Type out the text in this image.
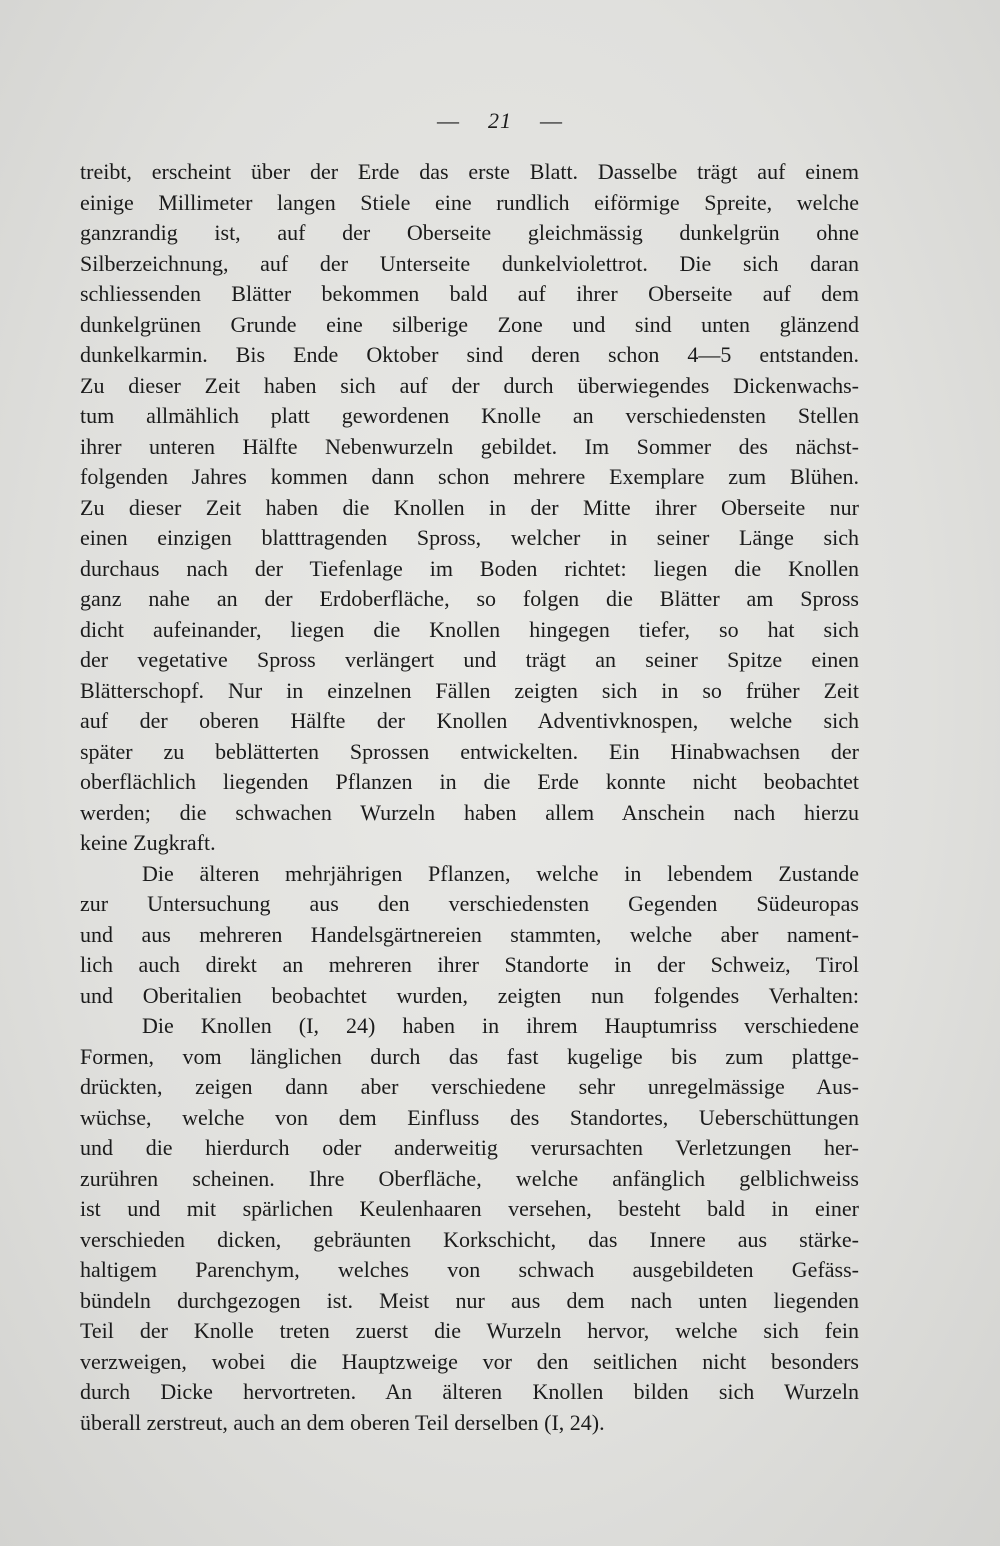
— 21 —
treibt, erscheint über der Erde das erste Blatt. Dasselbe trägt auf einem
einige Millimeter langen Stiele eine rundlich eiförmige Spreite, welche
ganzrandig ist, auf der Oberseite gleichmässig dunkelgrün ohne
Silberzeichnung, auf der Unterseite dunkelviolettrot. Die sich daran
schliessenden Blätter bekommen bald auf ihrer Oberseite auf dem
dunkelgrünen Grunde eine silberige Zone und sind unten glänzend
dunkelkarmin. Bis Ende Oktober sind deren schon 4—5 entstanden.
Zu dieser Zeit haben sich auf der durch überwiegendes Dickenwachs-
tum allmählich platt gewordenen Knolle an verschiedensten Stellen
ihrer unteren Hälfte Nebenwurzeln gebildet. Im Sommer des nächst-
folgenden Jahres kommen dann schon mehrere Exemplare zum Blühen.
Zu dieser Zeit haben die Knollen in der Mitte ihrer Oberseite nur
einen einzigen blatttragenden Spross, welcher in seiner Länge sich
durchaus nach der Tiefenlage im Boden richtet: liegen die Knollen
ganz nahe an der Erdoberfläche, so folgen die Blätter am Spross
dicht aufeinander, liegen die Knollen hingegen tiefer, so hat sich
der vegetative Spross verlängert und trägt an seiner Spitze einen
Blätterschopf. Nur in einzelnen Fällen zeigten sich in so früher Zeit
auf der oberen Hälfte der Knollen Adventivknospen, welche sich
später zu beblätterten Sprossen entwickelten. Ein Hinabwachsen der
oberflächlich liegenden Pflanzen in die Erde konnte nicht beobachtet
werden; die schwachen Wurzeln haben allem Anschein nach hierzu
keine Zugkraft.
Die älteren mehrjährigen Pflanzen, welche in lebendem Zustande
zur Untersuchung aus den verschiedensten Gegenden Südeuropas
und aus mehreren Handelsgärtnereien stammten, welche aber nament-
lich auch direkt an mehreren ihrer Standorte in der Schweiz, Tirol
und Oberitalien beobachtet wurden, zeigten nun folgendes Verhalten:
Die Knollen (I, 24) haben in ihrem Hauptumriss verschiedene
Formen, vom länglichen durch das fast kugelige bis zum plattge-
drückten, zeigen dann aber verschiedene sehr unregelmässige Aus-
wüchse, welche von dem Einfluss des Standortes, Ueberschüttungen
und die hierdurch oder anderweitig verursachten Verletzungen her-
zurühren scheinen. Ihre Oberfläche, welche anfänglich gelblichweiss
ist und mit spärlichen Keulenhaaren versehen, besteht bald in einer
verschieden dicken, gebräunten Korkschicht, das Innere aus stärke-
haltigem Parenchym, welches von schwach ausgebildeten Gefäss-
bündeln durchgezogen ist. Meist nur aus dem nach unten liegenden
Teil der Knolle treten zuerst die Wurzeln hervor, welche sich fein
verzweigen, wobei die Hauptzweige vor den seitlichen nicht besonders
durch Dicke hervortreten. An älteren Knollen bilden sich Wurzeln
überall zerstreut, auch an dem oberen Teil derselben (I, 24).
